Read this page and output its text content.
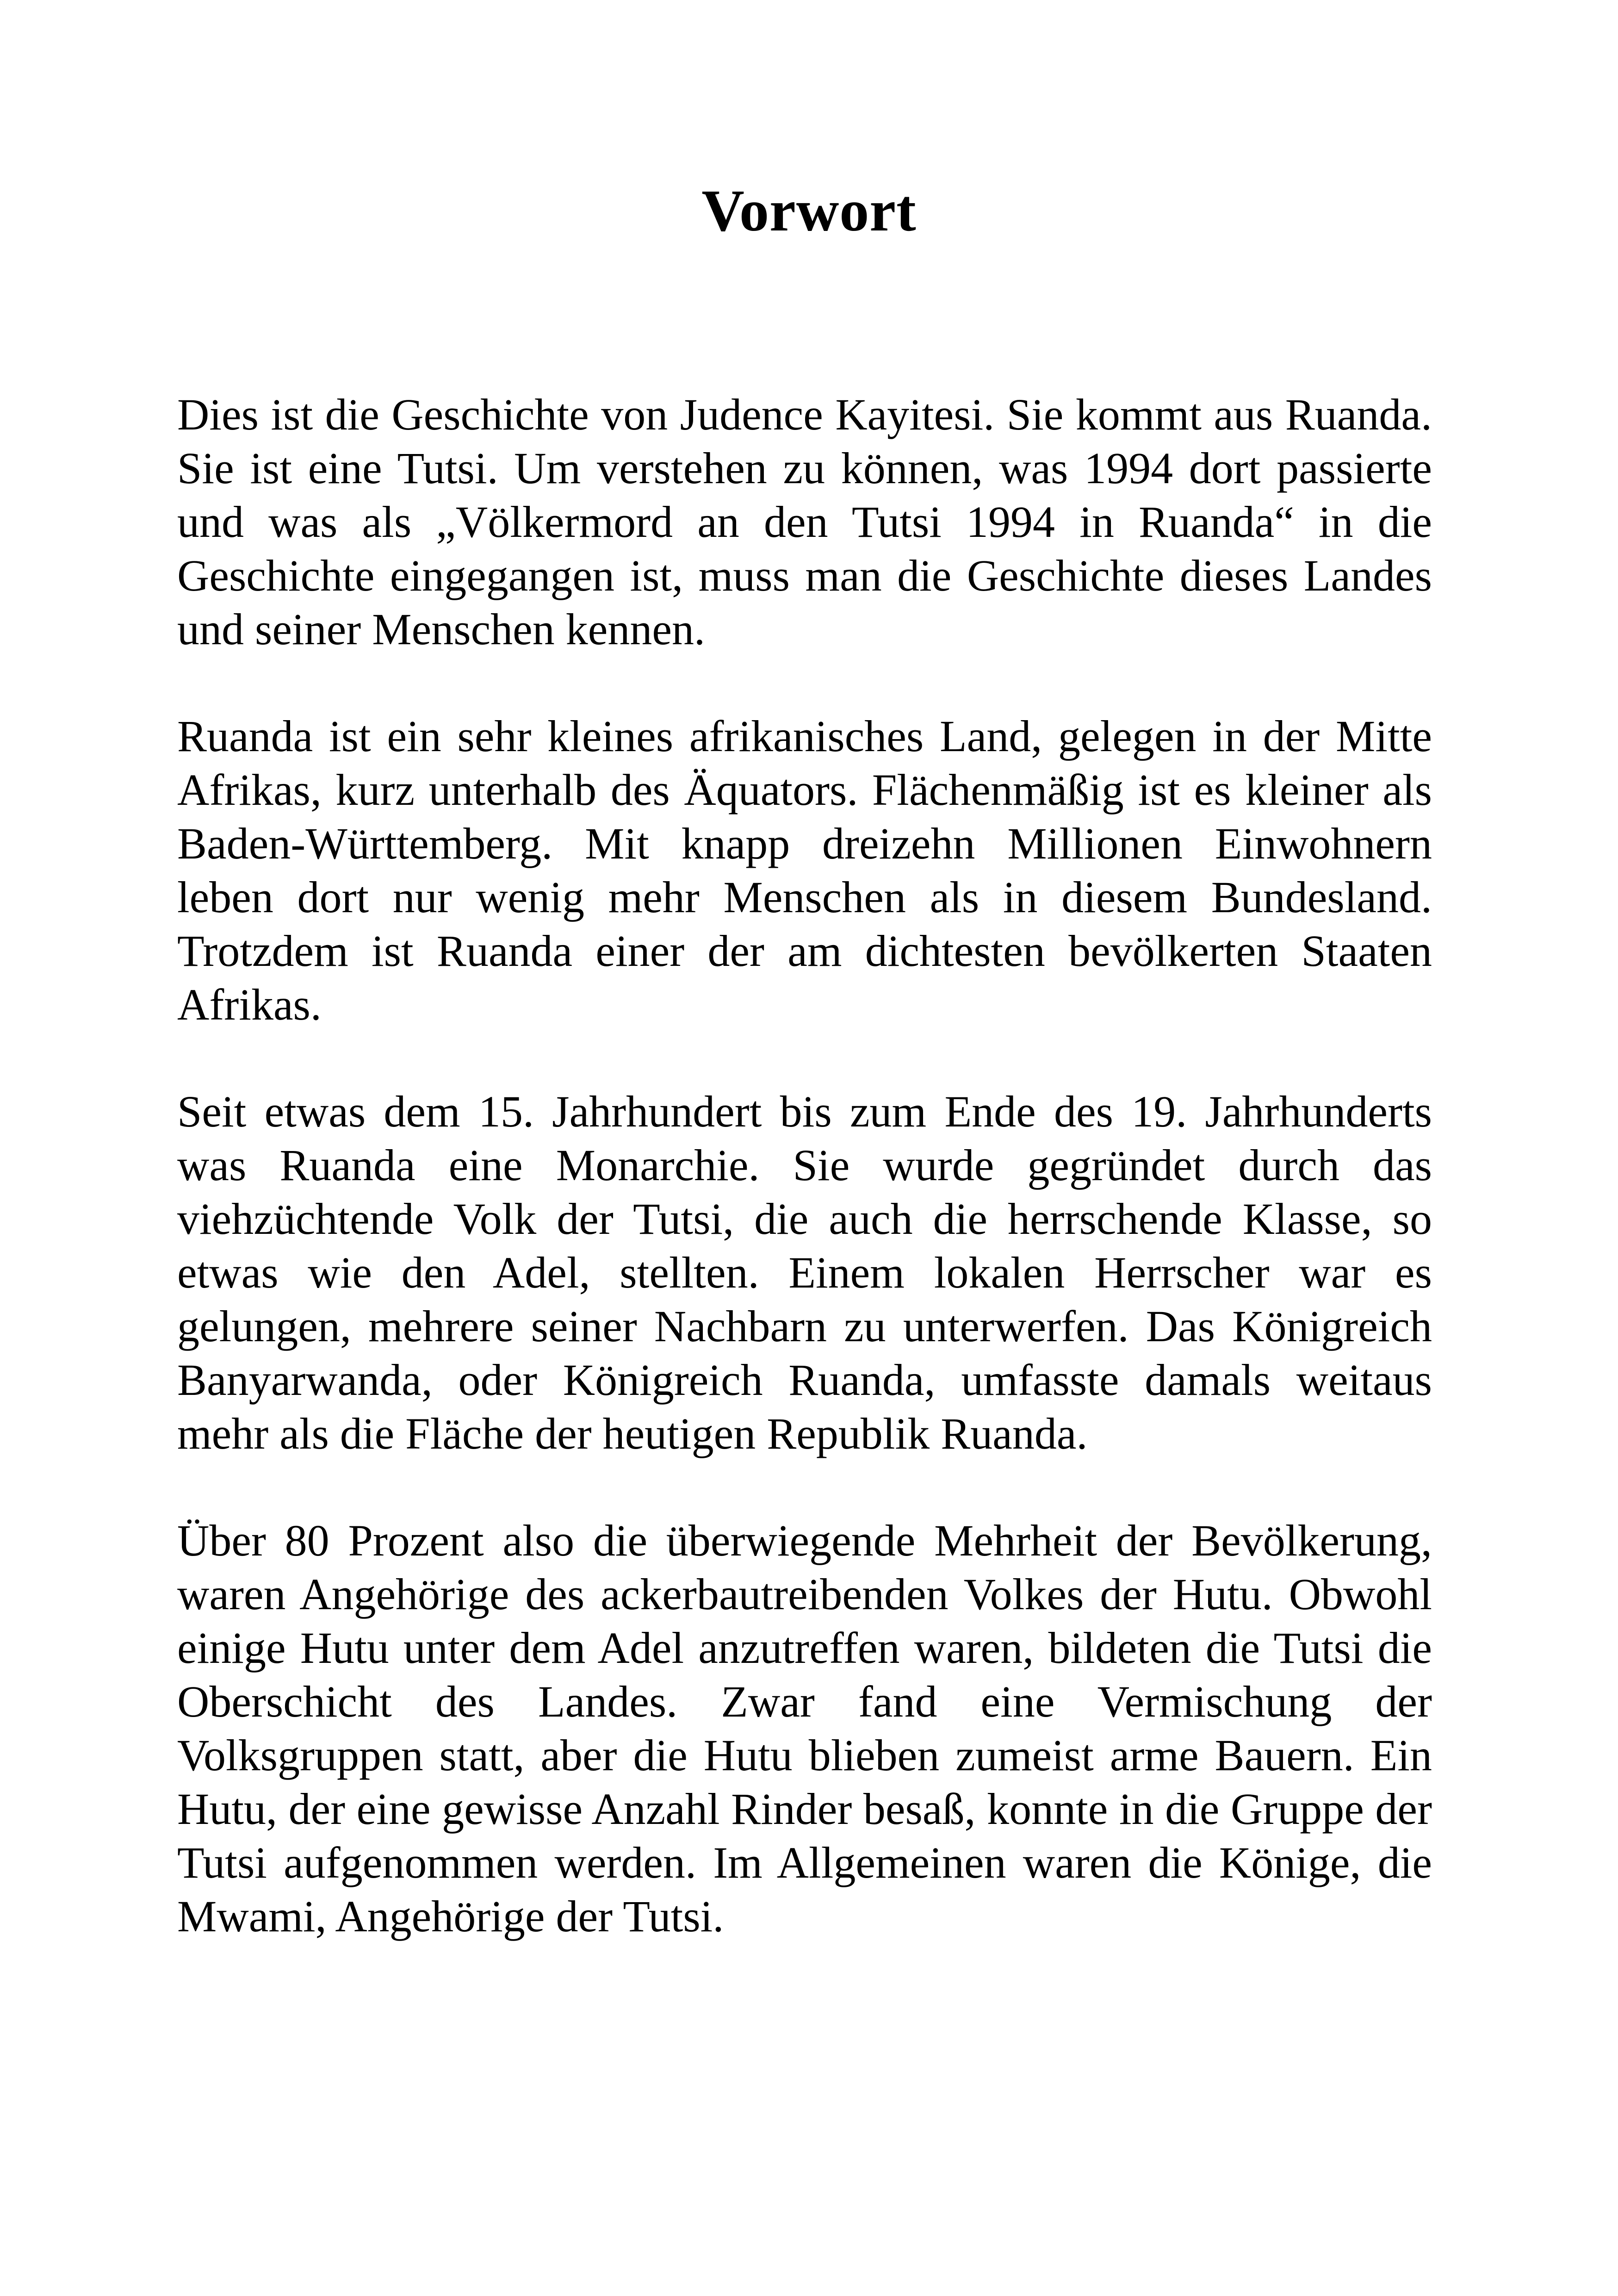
Vorwort

Dies ist die Geschichte von Judence Kayitesi. Sie kommt aus Ruanda. Sie ist eine Tutsi. Um verstehen zu können, was 1994 dort passierte und was als „Völkermord an den Tutsi 1994 in Ruanda“ in die Geschichte eingegangen ist, muss man die Geschichte dieses Landes und seiner Menschen kennen.

Ruanda ist ein sehr kleines afrikanisches Land, gelegen in der Mitte Afrikas, kurz unterhalb des Äquators. Flächenmäßig ist es kleiner als Baden-Württemberg. Mit knapp dreizehn Millionen Einwohnern leben dort nur wenig mehr Menschen als in diesem Bundesland. Trotzdem ist Ruanda einer der am dichtesten bevölkerten Staaten Afrikas.

Seit etwas dem 15. Jahrhundert bis zum Ende des 19. Jahrhunderts was Ruanda eine Monarchie. Sie wurde gegründet durch das viehzüchtende Volk der Tutsi, die auch die herrschende Klasse, so etwas wie den Adel, stellten. Einem lokalen Herrscher war es gelungen, mehrere seiner Nachbarn zu unterwerfen. Das Königreich Banyarwanda, oder Königreich Ruanda, umfasste damals weitaus mehr als die Fläche der heutigen Republik Ruanda.

Über 80 Prozent also die überwiegende Mehrheit der Bevölkerung, waren Angehörige des ackerbautreibenden Volkes der Hutu. Obwohl einige Hutu unter dem Adel anzutreffen waren, bildeten die Tutsi die Oberschicht des Landes. Zwar fand eine Vermischung der Volksgruppen statt, aber die Hutu blieben zumeist arme Bauern. Ein Hutu, der eine gewisse Anzahl Rinder besaß, konnte in die Gruppe der Tutsi aufgenommen werden. Im Allgemeinen waren die Könige, die Mwami, Angehörige der Tutsi.
